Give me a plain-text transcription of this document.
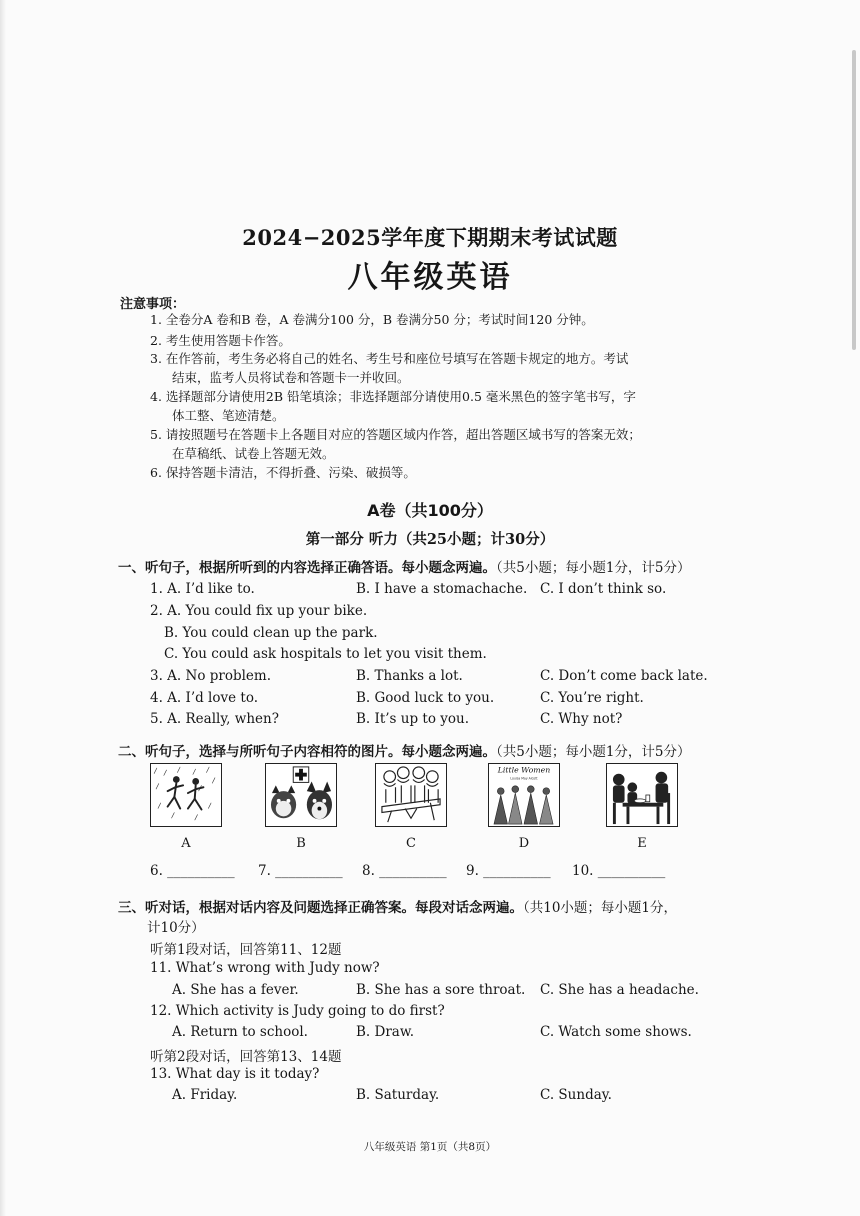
2024−2025学年度下期期末考试试题
八年级英语
注意事项：
1. 全卷分A 卷和B 卷，A 卷满分100 分，B 卷满分50 分；考试时间120 分钟。
2. 考生使用答题卡作答。
3. 在作答前，考生务必将自己的姓名、考生号和座位号填写在答题卡规定的地方。考试
结束，监考人员将试卷和答题卡一并收回。
4. 选择题部分请使用2B 铅笔填涂；非选择题部分请使用0.5 毫米黑色的签字笔书写，字
体工整、笔迹清楚。
5. 请按照题号在答题卡上各题目对应的答题区域内作答，超出答题区域书写的答案无效；
在草稿纸、试卷上答题无效。
6. 保持答题卡清洁，不得折叠、污染、破损等。
A卷（共100分）
第一部分 听力（共25小题；计30分）
一、听句子，根据所听到的内容选择正确答语。每小题念两遍。（共5小题；每小题1分，计5分）
1. A. I’d like to.	B. I have a stomachache. C. I don’t think so.
2. A. You could fix up your bike.
B. You could clean up the park.
C. You could ask hospitals to let you visit them.
3. A. No problem.	B. Thanks a lot.	C. Don’t come back late.
4. A. I’d love to.	B. Good luck to you.	C. You’re right.
5. A. Really, when?	B. It’s up to you.	C. Why not?
二、听句子，选择与所听句子内容相符的图片。每小题念两遍。（共5小题；每小题1分，计5分）
Little Women
Louisa May Alcott
A	B	C	D	E
6. __________ 7. __________ 8. __________ 9. __________ 10. __________
三、听对话，根据对话内容及问题选择正确答案。每段对话念两遍。（共10小题；每小题1分，
计10分）
听第1段对话，回答第11、12题
11. What’s wrong with Judy now?
A. She has a fever.	B. She has a sore throat. C. She has a headache.
12. Which activity is Judy going to do first?
A. Return to school.	B. Draw.	C. Watch some shows.
听第2段对话，回答第13、14题
13. What day is it today?
A. Friday.	B. Saturday.	C. Sunday.
八年级英语 第1页（共8页）
